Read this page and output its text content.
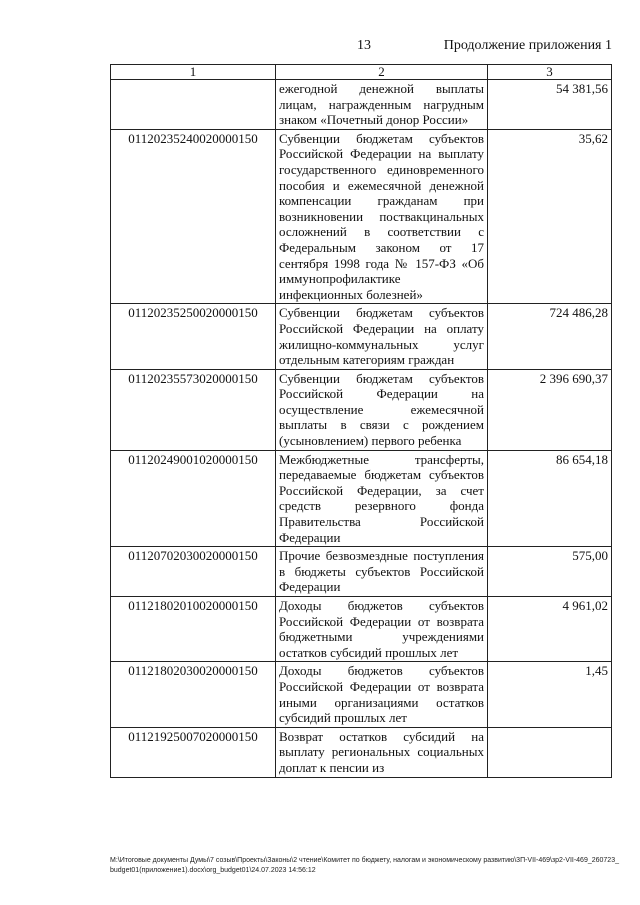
13	Продолжение приложения 1
1	2	3
	ежегодной денежной выплаты лицам, награжденным нагрудным знаком «Почетный донор России»	54 381,56
01120235240020000150	Субвенции бюджетам субъектов Российской Федерации на выплату государственного единовременного пособия и ежемесячной денежной компенсации гражданам при возникновении поствакцинальных осложнений в соответствии с Федеральным законом от 17 сентября 1998 года № 157-ФЗ «Об иммунопрофилактике инфекционных болезней»	35,62
01120235250020000150	Субвенции бюджетам субъектов Российской Федерации на оплату жилищно-коммунальных услуг отдельным категориям граждан	724 486,28
01120235573020000150	Субвенции бюджетам субъектов Российской Федерации на осуществление ежемесячной выплаты в связи с рождением (усыновлением) первого ребенка	2 396 690,37
01120249001020000150	Межбюджетные трансферты, передаваемые бюджетам субъектов Российской Федерации, за счет средств резервного фонда Правительства Российской Федерации	86 654,18
01120702030020000150	Прочие безвозмездные поступления в бюджеты субъектов Российской Федерации	575,00
01121802010020000150	Доходы бюджетов субъектов Российской Федерации от возврата бюджетными учреждениями остатков субсидий прошлых лет	4 961,02
01121802030020000150	Доходы бюджетов субъектов Российской Федерации от возврата иными организациями остатков субсидий прошлых лет	1,45
01121925007020000150	Возврат остатков субсидий на выплату региональных социальных доплат к пенсии из	
M:\Итоговые документы Думы\7 созыв\Проекты\Законы\2 чтение\Комитет по бюджету, налогам и экономическому развитию\3П-VII-469\зр2-VII-469_260723_budget01(приложение1).docx\org_budget01\24.07.2023 14:56:12
